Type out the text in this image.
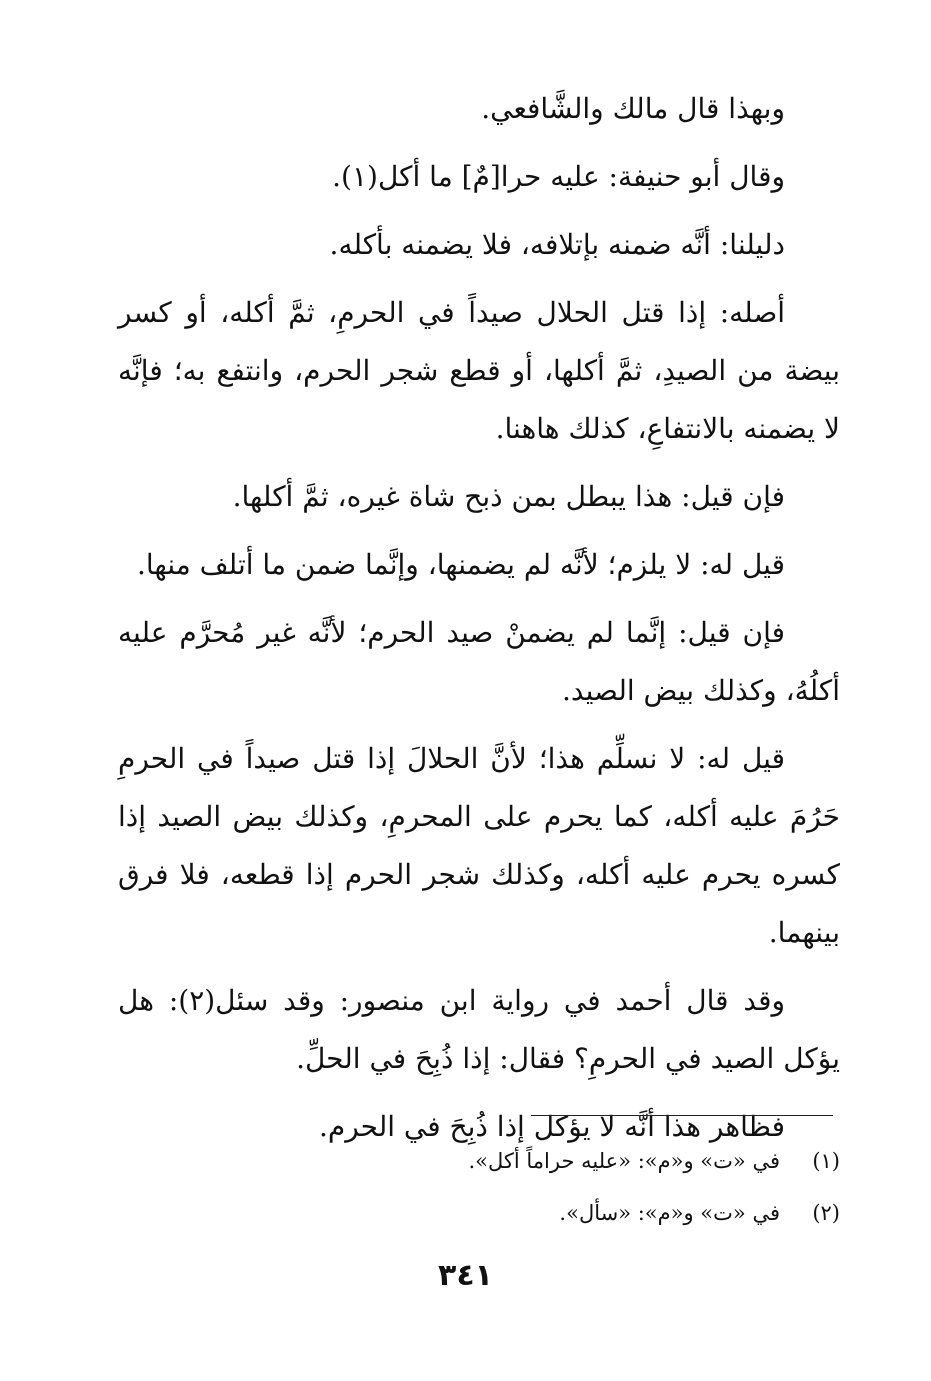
وبهذا قال مالك والشَّافعي.

وقال أبو حنيفة: عليه حرا[مٌ] ما أكل(١).

دليلنا: أنَّه ضمنه بإتلافه، فلا يضمنه بأكله.

أصله: إذا قتل الحلال صيداً في الحرمِ، ثمَّ أكله، أو كسر بيضة من الصيدِ، ثمَّ أكلها، أو قطع شجر الحرم، وانتفع به؛ فإنَّه لا يضمنه بالانتفاعِ، كذلك هاهنا.

فإن قيل: هذا يبطل بمن ذبح شاة غيره، ثمَّ أكلها.

قيل له: لا يلزم؛ لأنَّه لم يضمنها، وإنَّما ضمن ما أتلف منها.

فإن قيل: إنَّما لم يضمنْ صيد الحرم؛ لأنَّه غير مُحرَّم عليه أكلُهُ، وكذلك بيض الصيد.

قيل له: لا نسلِّم هذا؛ لأنَّ الحلالَ إذا قتل صيداً في الحرمِ حَرُمَ عليه أكله، كما يحرم على المحرمِ، وكذلك بيض الصيد إذا كسره يحرم عليه أكله، وكذلك شجر الحرم إذا قطعه، فلا فرق بينهما.

وقد قال أحمد في رواية ابن منصور: وقد سئل(٢): هل يؤكل الصيد في الحرمِ؟ فقال: إذا ذُبِحَ في الحلِّ.

فظاهر هذا أنَّه لا يؤكل إذا ذُبِحَ في الحرم.

(١)في «ت» و«م»: «عليه حراماً أكل».

(٢)في «ت» و«م»: «سأل».

٣٤١
